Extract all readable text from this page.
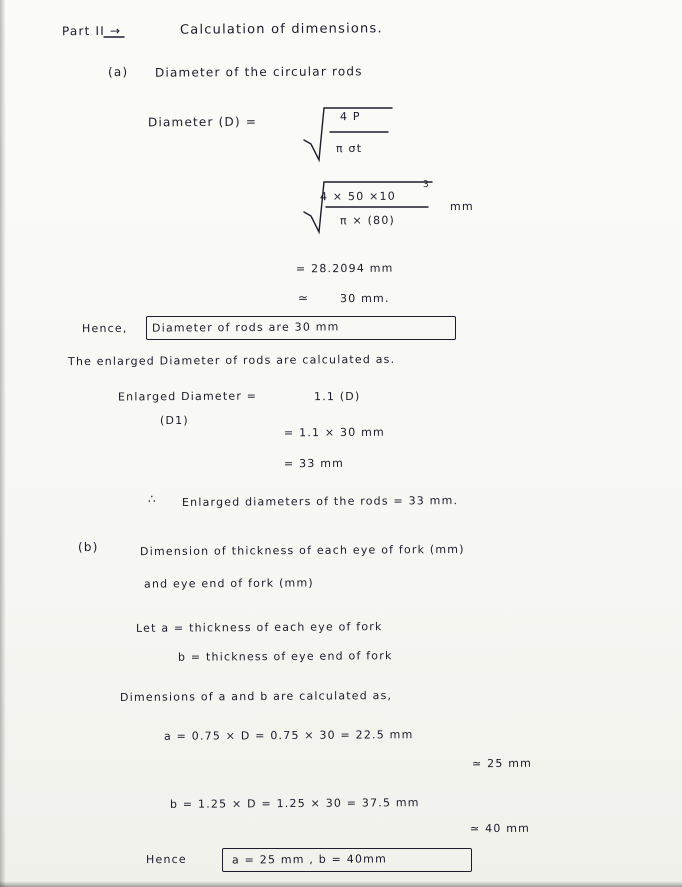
Part II →	Calculation of dimensions.
(a) Diameter of the circular rods
Diameter (D) =	4 P
π σt
4 × 50 ×10
3
π × (80)
mm
= 28.2094 mm
≃	30 mm.
Hence, Diameter of rods are 30 mm
The enlarged Diameter of rods are calculated as.
Enlarged Diameter =
(D1)
1.1 (D)
= 1.1 × 30 mm
= 33 mm
∴ Enlarged diameters of the rods = 33 mm.
(b)	Dimension of thickness of each eye of fork (mm)
and eye end of fork (mm)
Let a = thickness of each eye of fork
b = thickness of eye end of fork
Dimensions of a and b are calculated as,
a = 0.75 × D = 0.75 × 30 = 22.5 mm
≃ 25 mm
b = 1.25 × D = 1.25 × 30 = 37.5 mm
≃ 40 mm
Hence	a = 25 mm , b = 40mm
